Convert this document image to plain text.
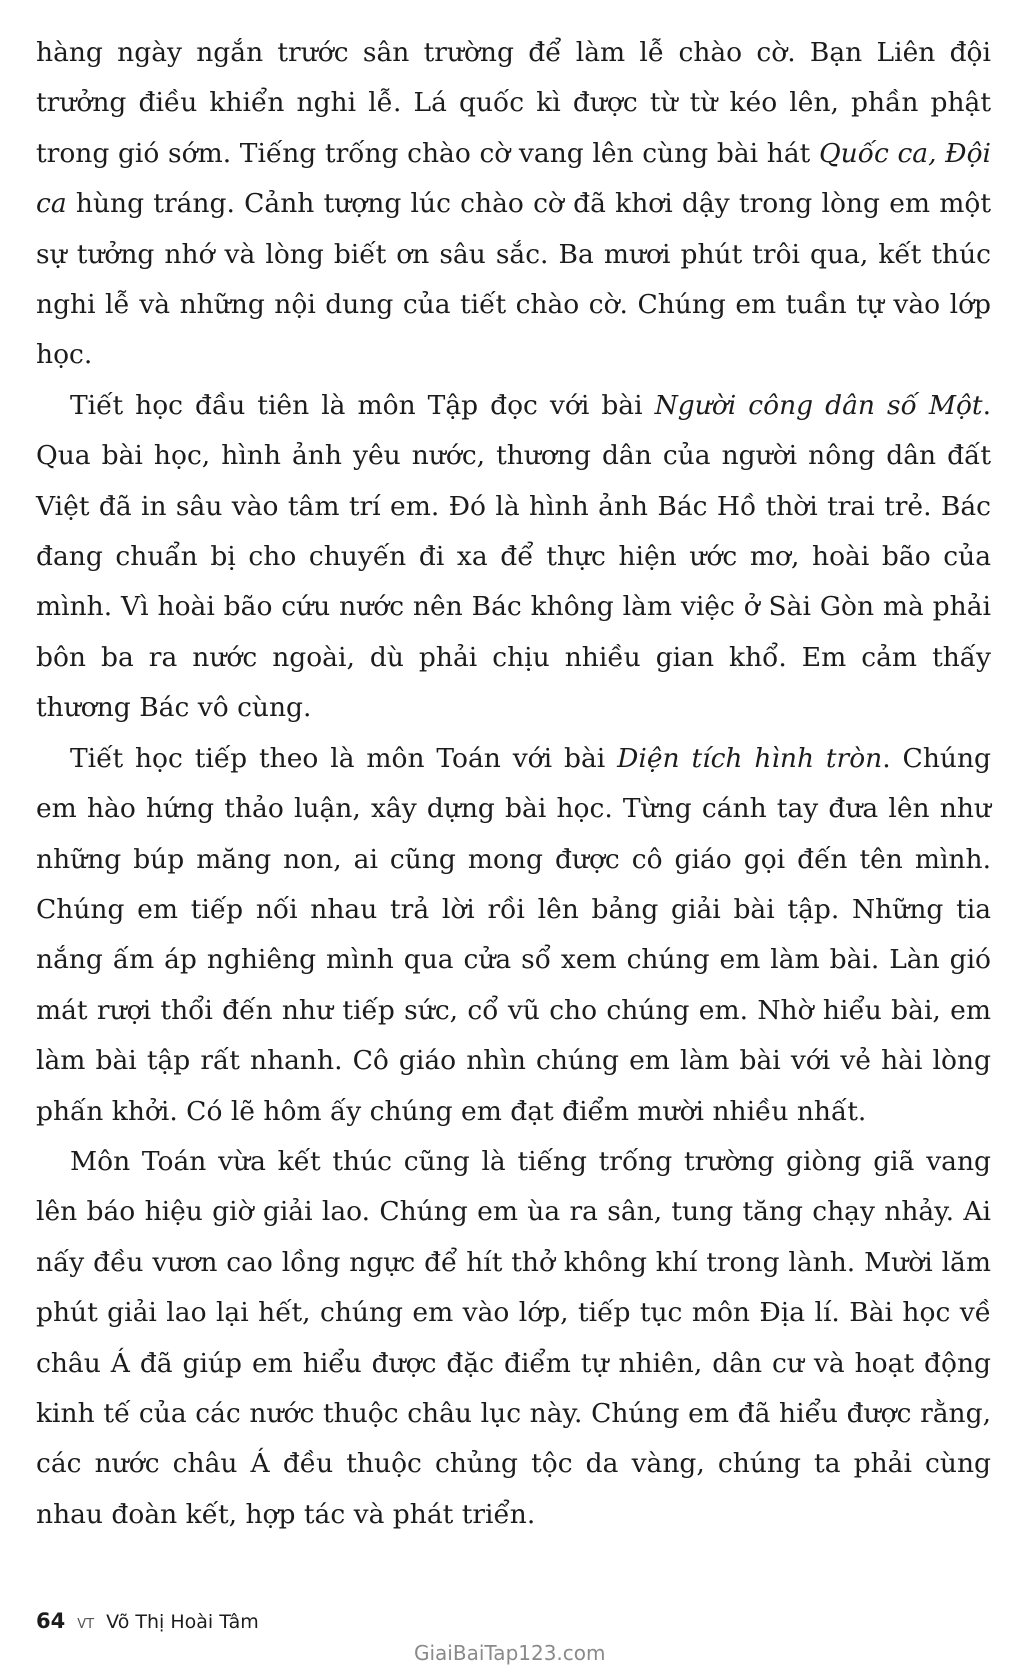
hàng ngày ngắn trước sân trường để làm lễ chào cờ. Bạn Liên đội trưởng điều khiển nghi lễ. Lá quốc kì được từ từ kéo lên, phần phật trong gió sớm. Tiếng trống chào cờ vang lên cùng bài hát Quốc ca, Đội ca hùng tráng. Cảnh tượng lúc chào cờ đã khơi dậy trong lòng em một sự tưởng nhớ và lòng biết ơn sâu sắc. Ba mươi phút trôi qua, kết thúc nghi lễ và những nội dung của tiết chào cờ. Chúng em tuần tự vào lớp học.

Tiết học đầu tiên là môn Tập đọc với bài Người công dân số Một. Qua bài học, hình ảnh yêu nước, thương dân của người nông dân đất Việt đã in sâu vào tâm trí em. Đó là hình ảnh Bác Hồ thời trai trẻ. Bác đang chuẩn bị cho chuyến đi xa để thực hiện ước mơ, hoài bão của mình. Vì hoài bão cứu nước nên Bác không làm việc ở Sài Gòn mà phải bôn ba ra nước ngoài, dù phải chịu nhiều gian khổ. Em cảm thấy thương Bác vô cùng.

Tiết học tiếp theo là môn Toán với bài Diện tích hình tròn. Chúng em hào hứng thảo luận, xây dựng bài học. Từng cánh tay đưa lên như những búp măng non, ai cũng mong được cô giáo gọi đến tên mình. Chúng em tiếp nối nhau trả lời rồi lên bảng giải bài tập. Những tia nắng ấm áp nghiêng mình qua cửa sổ xem chúng em làm bài. Làn gió mát rượi thổi đến như tiếp sức, cổ vũ cho chúng em. Nhờ hiểu bài, em làm bài tập rất nhanh. Cô giáo nhìn chúng em làm bài với vẻ hài lòng phấn khởi. Có lẽ hôm ấy chúng em đạt điểm mười nhiều nhất.

Môn Toán vừa kết thúc cũng là tiếng trống trường giòng giã vang lên báo hiệu giờ giải lao. Chúng em ùa ra sân, tung tăng chạy nhảy. Ai nấy đều vươn cao lồng ngực để hít thở không khí trong lành. Mười lăm phút giải lao lại hết, chúng em vào lớp, tiếp tục môn Địa lí. Bài học về châu Á đã giúp em hiểu được đặc điểm tự nhiên, dân cư và hoạt động kinh tế của các nước thuộc châu lục này. Chúng em đã hiểu được rằng, các nước châu Á đều thuộc chủng tộc da vàng, chúng ta phải cùng nhau đoàn kết, hợp tác và phát triển.

64 VT Võ Thị Hoài Tâm
GiaiBaiTap123.com
